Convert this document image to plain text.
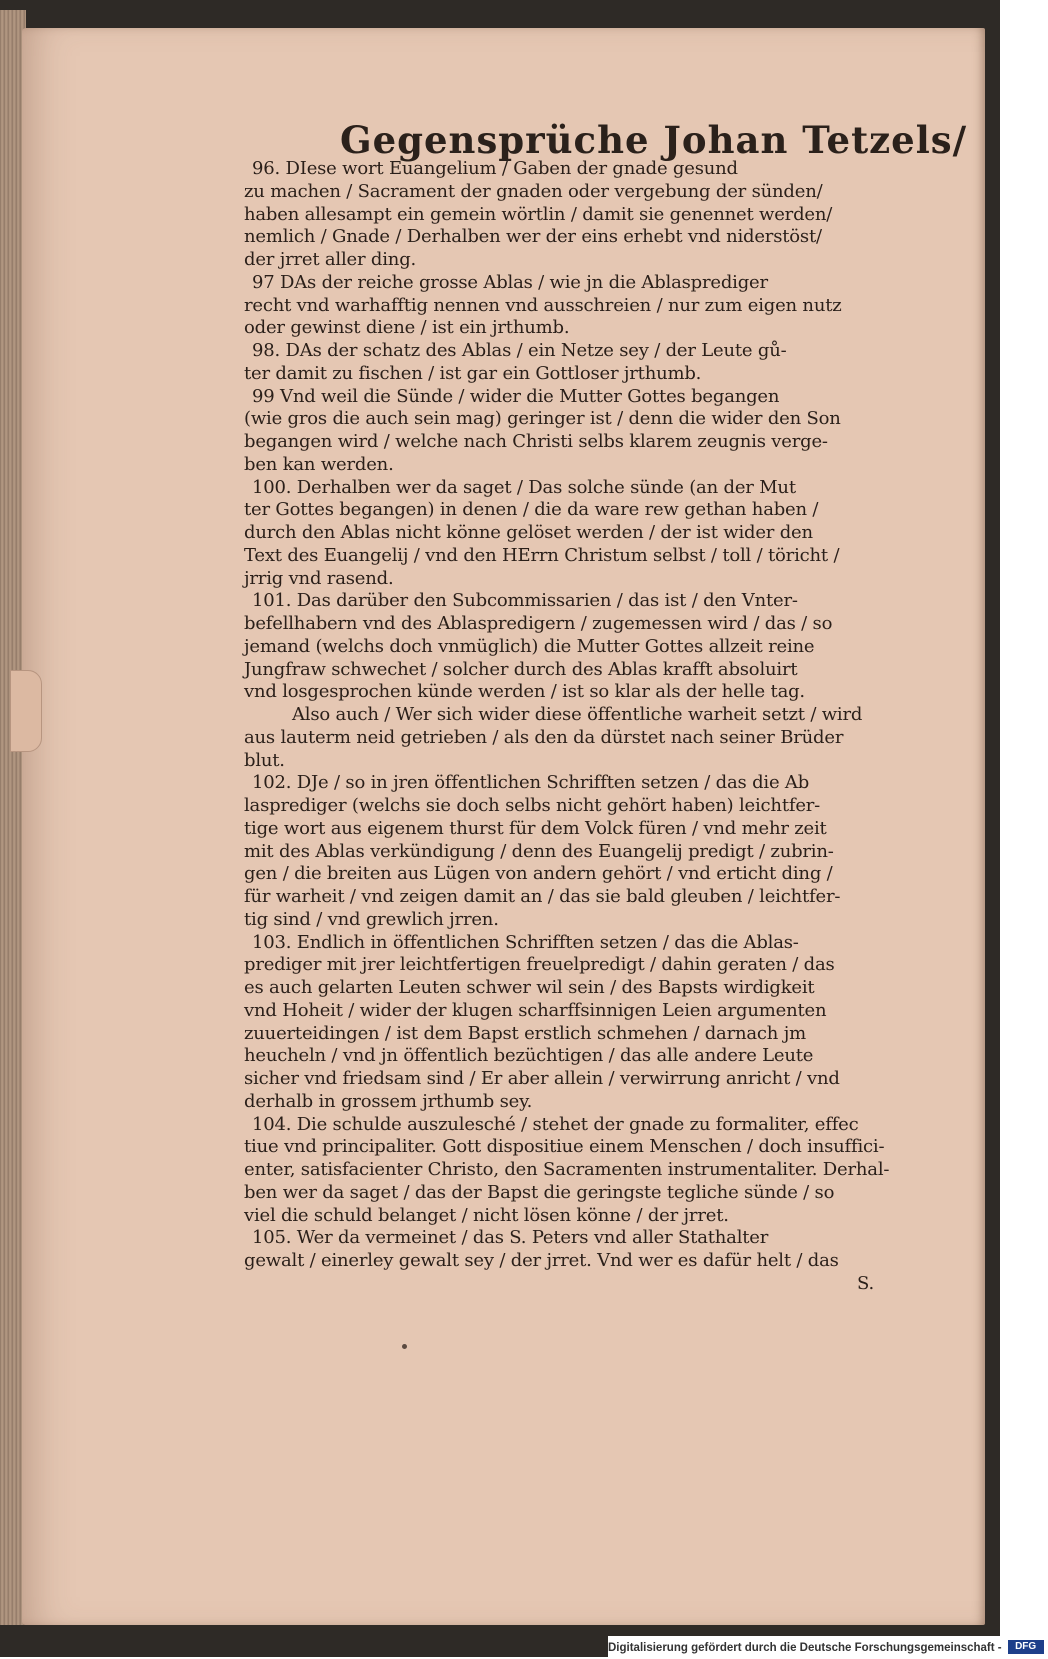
Gegensprüche Johan Tetzels/
96. DIese wort Euangelium / Gaben der gnade gesund
zu machen / Sacrament der gnaden oder vergebung der sünden/
haben allesampt ein gemein wörtlin / damit sie genennet werden/
nemlich / Gnade / Derhalben wer der eins erhebt vnd niderstöst/
der jrret aller ding.
97 DAs der reiche grosse Ablas / wie jn die Ablasprediger
recht vnd warhafftig nennen vnd ausschreien / nur zum eigen nutz
oder gewinst diene / ist ein jrthumb.
98. DAs der schatz des Ablas / ein Netze sey / der Leute gů-
ter damit zu fischen / ist gar ein Gottloser jrthumb.
99 Vnd weil die Sünde / wider die Mutter Gottes begangen
(wie gros die auch sein mag) geringer ist / denn die wider den Son
begangen wird / welche nach Christi selbs klarem zeugnis verge-
ben kan werden.
100. Derhalben wer da saget / Das solche sünde (an der Mut
ter Gottes begangen) in denen / die da ware rew gethan haben /
durch den Ablas nicht könne gelöset werden / der ist wider den
Text des Euangelij / vnd den HErrn Christum selbst / toll / töricht /
jrrig vnd rasend.
101. Das darüber den Subcommissarien / das ist / den Vnter-
befellhabern vnd des Ablaspredigern / zugemessen wird / das / so
jemand (welchs doch vnmüglich) die Mutter Gottes allzeit reine
Jungfraw schwechet / solcher durch des Ablas krafft absoluirt
vnd losgesprochen künde werden / ist so klar als der helle tag.
Also auch / Wer sich wider diese öffentliche warheit setzt / wird
aus lauterm neid getrieben / als den da dürstet nach seiner Brüder
blut.
102. DJe / so in jren öffentlichen Schrifften setzen / das die Ab
lasprediger (welchs sie doch selbs nicht gehört haben) leichtfer-
tige wort aus eigenem thurst für dem Volck füren / vnd mehr zeit
mit des Ablas verkündigung / denn des Euangelij predigt / zubrin-
gen / die breiten aus Lügen von andern gehört / vnd erticht ding /
für warheit / vnd zeigen damit an / das sie bald gleuben / leichtfer-
tig sind / vnd grewlich jrren.
103. Endlich in öffentlichen Schrifften setzen / das die Ablas-
prediger mit jrer leichtfertigen freuelpredigt / dahin geraten / das
es auch gelarten Leuten schwer wil sein / des Bapsts wirdigkeit
vnd Hoheit / wider der klugen scharffsinnigen Leien argumenten
zuuerteidingen / ist dem Bapst erstlich schmehen / darnach jm
heucheln / vnd jn öffentlich bezüchtigen / das alle andere Leute
sicher vnd friedsam sind / Er aber allein / verwirrung anricht / vnd
derhalb in grossem jrthumb sey.
104. Die schulde auszulesché / stehet der gnade zu formaliter, effec
tiue vnd principaliter. Gott dispositiue einem Menschen / doch insuffici-
enter, satisfacienter Christo, den Sacramenten instrumentaliter. Derhal-
ben wer da saget / das der Bapst die geringste tegliche sünde / so
viel die schuld belanget / nicht lösen könne / der jrret.
105. Wer da vermeinet / das S. Peters vnd aller Stathalter
gewalt / einerley gewalt sey / der jrret. Vnd wer es dafür helt / das
S.
Digitalisierung gefördert durch die Deutsche Forschungsgemeinschaft - DFG
